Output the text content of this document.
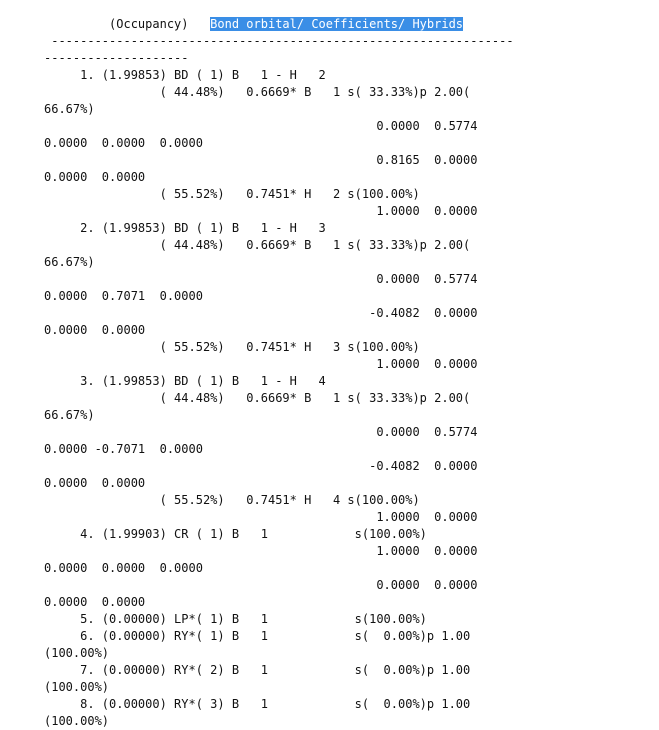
(Occupancy)   Bond orbital/ Coefficients/ Hybrids
----------------------------------------------------------------
--------------------
1. (1.99853) BD ( 1) B   1 - H   2
( 44.48%)   0.6669* B   1 s( 33.33%)p 2.00(
66.67%)
0.0000  0.5774
0.0000  0.0000  0.0000
0.8165  0.0000
0.0000  0.0000
( 55.52%)   0.7451* H   2 s(100.00%)
1.0000  0.0000
2. (1.99853) BD ( 1) B   1 - H   3
( 44.48%)   0.6669* B   1 s( 33.33%)p 2.00(
66.67%)
0.0000  0.5774
0.0000  0.7071  0.0000
-0.4082  0.0000
0.0000  0.0000
( 55.52%)   0.7451* H   3 s(100.00%)
1.0000  0.0000
3. (1.99853) BD ( 1) B   1 - H   4
( 44.48%)   0.6669* B   1 s( 33.33%)p 2.00(
66.67%)
0.0000  0.5774
0.0000 -0.7071  0.0000
-0.4082  0.0000
0.0000  0.0000
( 55.52%)   0.7451* H   4 s(100.00%)
1.0000  0.0000
4. (1.99903) CR ( 1) B   1            s(100.00%)
1.0000  0.0000
0.0000  0.0000  0.0000
0.0000  0.0000
0.0000  0.0000
5. (0.00000) LP*( 1) B   1            s(100.00%)
6. (0.00000) RY*( 1) B   1            s(  0.00%)p 1.00
(100.00%)
7. (0.00000) RY*( 2) B   1            s(  0.00%)p 1.00
(100.00%)
8. (0.00000) RY*( 3) B   1            s(  0.00%)p 1.00
(100.00%)
